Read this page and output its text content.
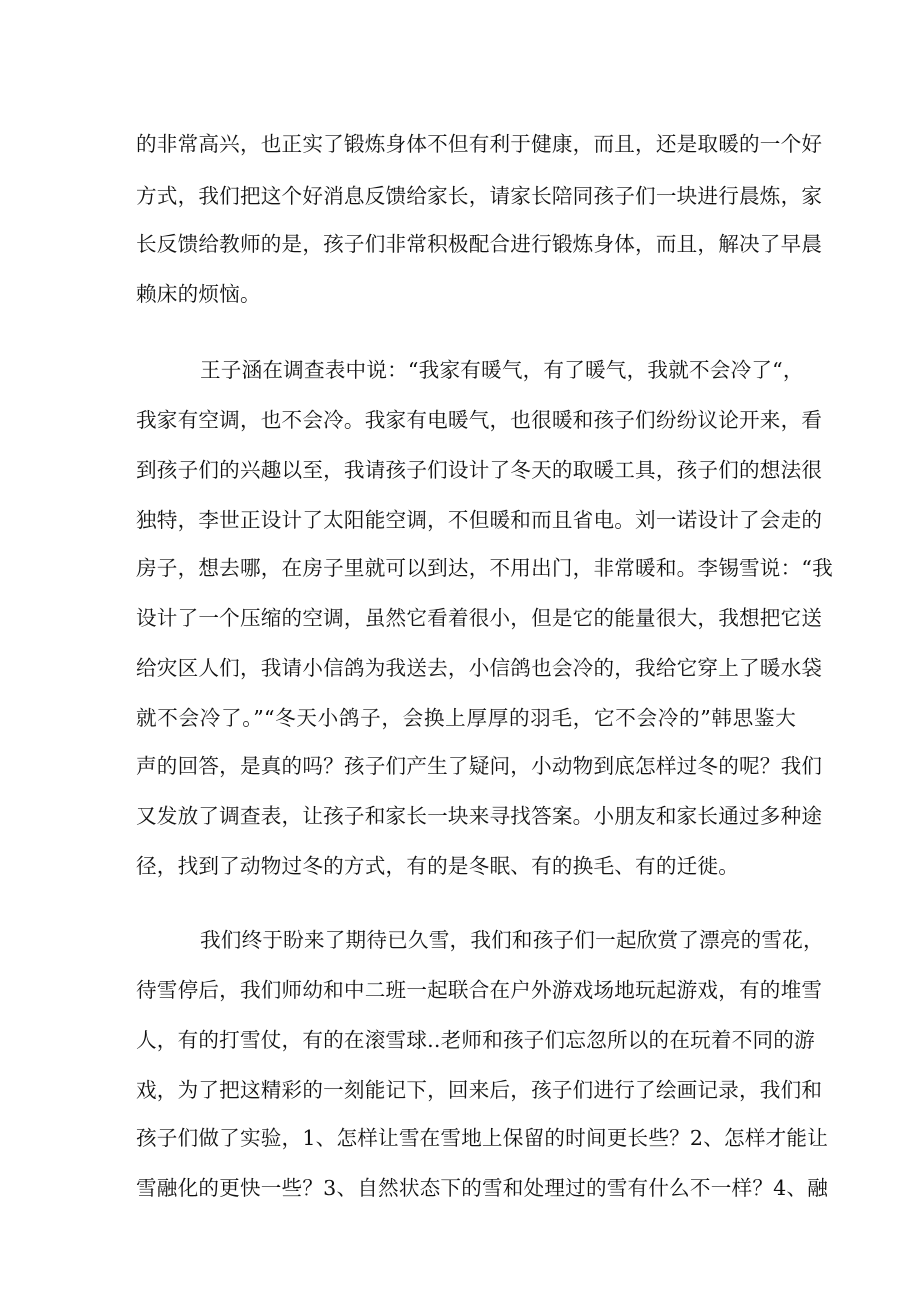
的非常高兴，也正实了锻炼身体不但有利于健康，而且，还是取暖的一个好
方式，我们把这个好消息反馈给家长，请家长陪同孩子们一块进行晨炼，家
长反馈给教师的是，孩子们非常积极配合进行锻炼身体，而且，解决了早晨
赖床的烦恼。
王子涵在调查表中说：“我家有暖气，有了暖气，我就不会冷了“，
我家有空调，也不会冷。我家有电暖气，也很暖和孩子们纷纷议论开来，看
到孩子们的兴趣以至，我请孩子们设计了冬天的取暖工具，孩子们的想法很
独特，李世正设计了太阳能空调，不但暖和而且省电。刘一诺设计了会走的
房子，想去哪，在房子里就可以到达，不用出门，非常暖和。李锡雪说：“我
设计了一个压缩的空调，虽然它看着很小，但是它的能量很大，我想把它送
给灾区人们，我请小信鸽为我送去，小信鸽也会冷的，我给它穿上了暖水袋
就不会冷了。”“冬天小鸽子，会换上厚厚的羽毛，它不会冷的”韩思鉴大
声的回答，是真的吗？孩子们产生了疑问，小动物到底怎样过冬的呢？我们
又发放了调查表，让孩子和家长一块来寻找答案。小朋友和家长通过多种途
径，找到了动物过冬的方式，有的是冬眠、有的换毛、有的迁徙。
我们终于盼来了期待已久雪，我们和孩子们一起欣赏了漂亮的雪花，
待雪停后，我们师幼和中二班一起联合在户外游戏场地玩起游戏，有的堆雪
人，有的打雪仗，有的在滚雪球..老师和孩子们忘忽所以的在玩着不同的游
戏，为了把这精彩的一刻能记下，回来后，孩子们进行了绘画记录，我们和
孩子们做了实验，1、怎样让雪在雪地上保留的时间更长些？2、怎样才能让
雪融化的更快一些？3、自然状态下的雪和处理过的雪有什么不一样？4、融
